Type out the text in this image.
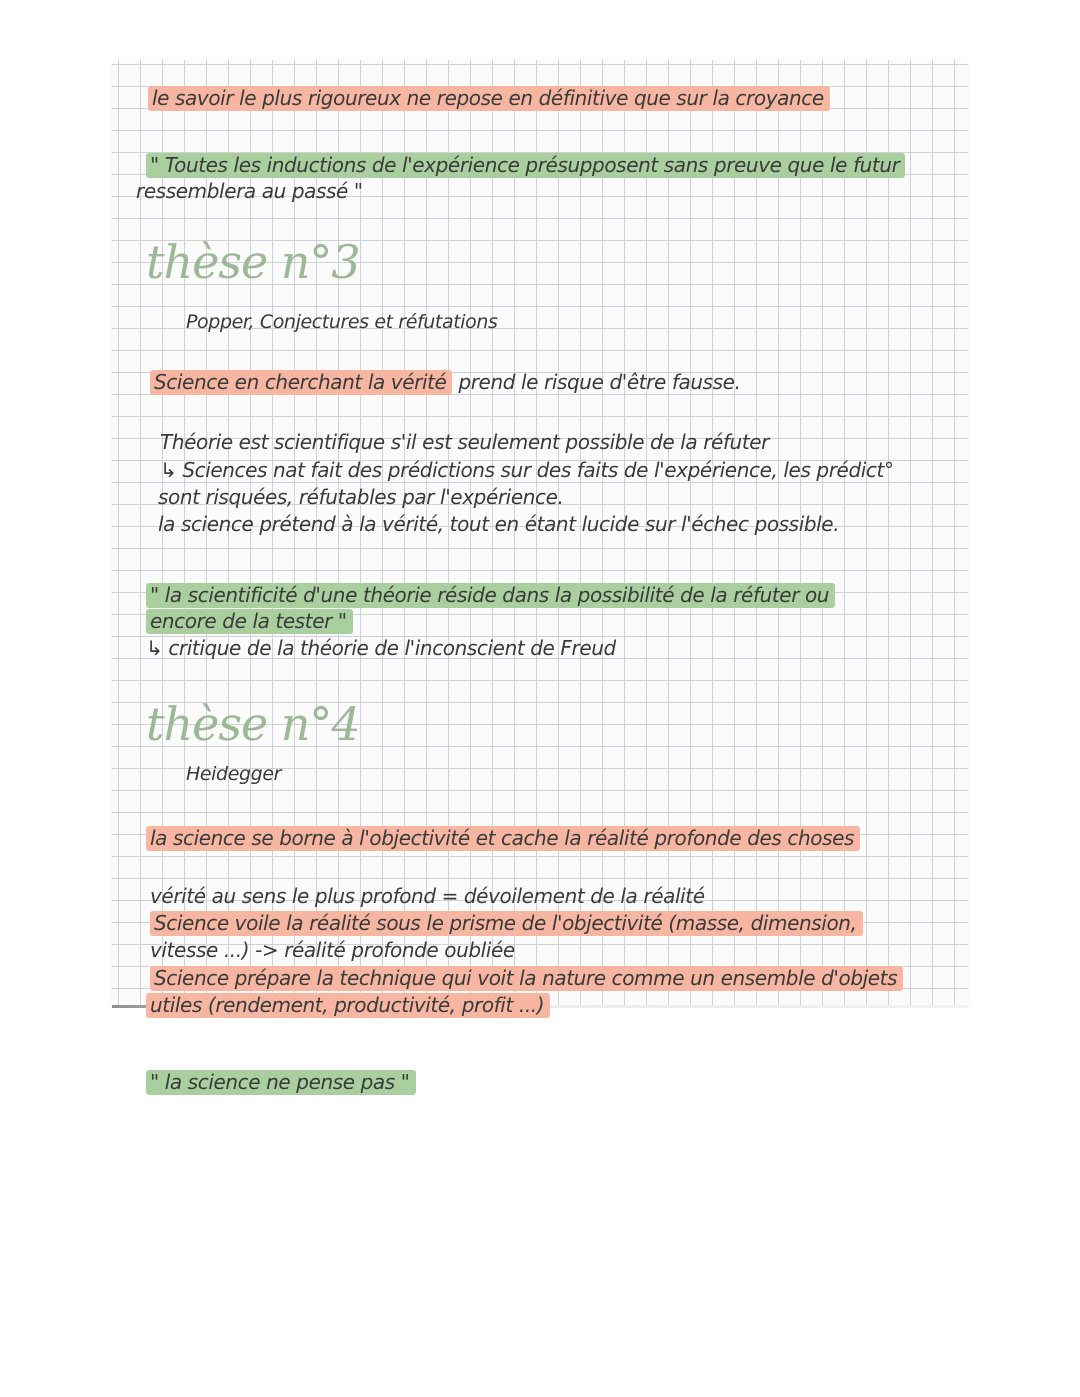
le savoir le plus rigoureux ne repose en définitive que sur la croyance
" Toutes les inductions de l'expérience présupposent sans preuve que le futur
ressemblera au passé "
thèse n°3
Popper, Conjectures et réfutations
Science en cherchant la vérité prend le risque d'être fausse.
Théorie est scientifique s'il est seulement possible de la réfuter
↳ Sciences nat fait des prédictions sur des faits de l'expérience, les prédict°
sont risquées, réfutables par l'expérience.
la science prétend à la vérité, tout en étant lucide sur l'échec possible.
" la scientificité d'une théorie réside dans la possibilité de la réfuter ou
encore de la tester "
↳ critique de la théorie de l'inconscient de Freud
thèse n°4
Heidegger
la science se borne à l'objectivité et cache la réalité profonde des choses
vérité au sens le plus profond = dévoilement de la réalité
Science voile la réalité sous le prisme de l'objectivité (masse, dimension,
vitesse ...) -> réalité profonde oubliée
Science prépare la technique qui voit la nature comme un ensemble d'objets
utiles (rendement, productivité, profit ...)
" la science ne pense pas "
